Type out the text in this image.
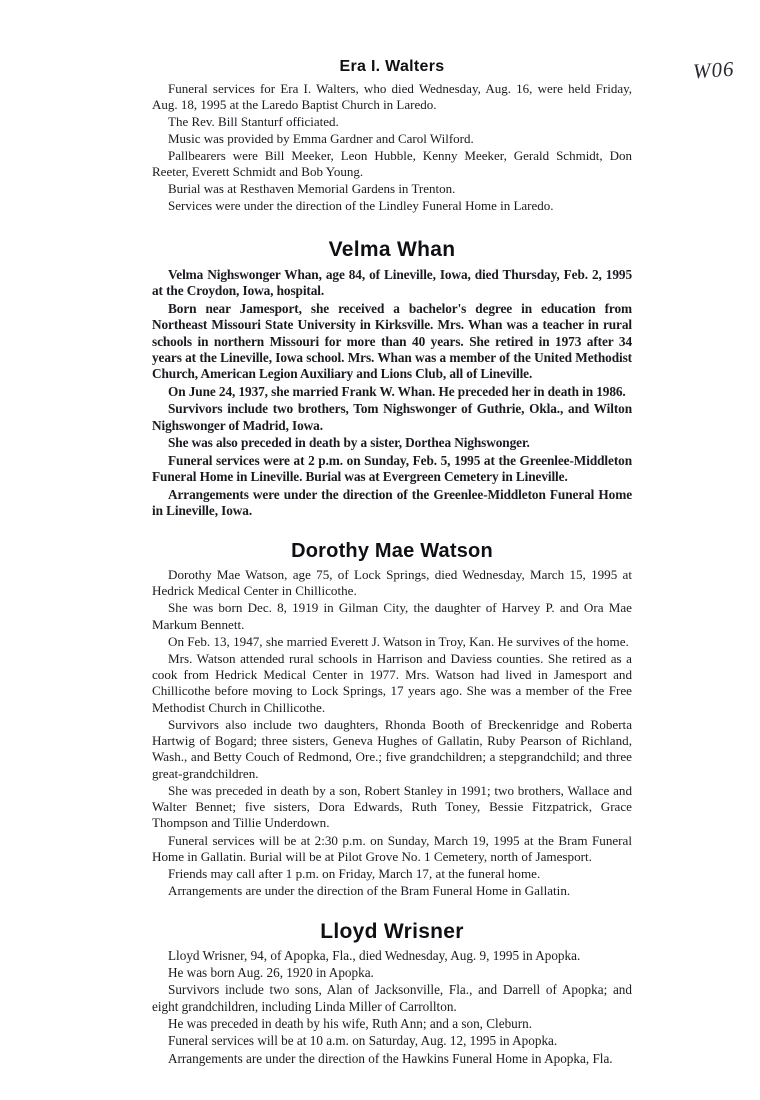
W06
Era I. Walters

Funeral services for Era I. Walters, who died Wednesday, Aug. 16, were held Friday, Aug. 18, 1995 at the Laredo Baptist Church in Laredo.

The Rev. Bill Stanturf officiated.

Music was provided by Emma Gardner and Carol Wilford.

Pallbearers were Bill Meeker, Leon Hubble, Kenny Meeker, Gerald Schmidt, Don Reeter, Everett Schmidt and Bob Young.

Burial was at Resthaven Memorial Gardens in Trenton.

Services were under the direction of the Lindley Funeral Home in Laredo.

Velma Whan

Velma Nighswonger Whan, age 84, of Lineville, Iowa, died Thursday, Feb. 2, 1995 at the Croydon, Iowa, hospital.

Born near Jamesport, she received a bachelor's degree in education from Northeast Missouri State University in Kirksville. Mrs. Whan was a teacher in rural schools in northern Missouri for more than 40 years. She retired in 1973 after 34 years at the Lineville, Iowa school. Mrs. Whan was a member of the United Methodist Church, American Legion Auxiliary and Lions Club, all of Lineville.

On June 24, 1937, she married Frank W. Whan. He preceded her in death in 1986.

Survivors include two brothers, Tom Nighswonger of Guthrie, Okla., and Wilton Nighswonger of Madrid, Iowa.

She was also preceded in death by a sister, Dorthea Nighswonger.

Funeral services were at 2 p.m. on Sunday, Feb. 5, 1995 at the Greenlee-Middleton Funeral Home in Lineville. Burial was at Evergreen Cemetery in Lineville.

Arrangements were under the direction of the Greenlee-Middleton Funeral Home in Lineville, Iowa.

Dorothy Mae Watson

Dorothy Mae Watson, age 75, of Lock Springs, died Wednesday, March 15, 1995 at Hedrick Medical Center in Chillicothe.

She was born Dec. 8, 1919 in Gilman City, the daughter of Harvey P. and Ora Mae Markum Bennett.

On Feb. 13, 1947, she married Everett J. Watson in Troy, Kan. He survives of the home.

Mrs. Watson attended rural schools in Harrison and Daviess counties. She retired as a cook from Hedrick Medical Center in 1977. Mrs. Watson had lived in Jamesport and Chillicothe before moving to Lock Springs, 17 years ago. She was a member of the Free Methodist Church in Chillicothe.

Survivors also include two daughters, Rhonda Booth of Breckenridge and Roberta Hartwig of Bogard; three sisters, Geneva Hughes of Gallatin, Ruby Pearson of Richland, Wash., and Betty Couch of Redmond, Ore.; five grandchildren; a stepgrandchild; and three great-grandchildren.

She was preceded in death by a son, Robert Stanley in 1991; two brothers, Wallace and Walter Bennet; five sisters, Dora Edwards, Ruth Toney, Bessie Fitzpatrick, Grace Thompson and Tillie Underdown.

Funeral services will be at 2:30 p.m. on Sunday, March 19, 1995 at the Bram Funeral Home in Gallatin. Burial will be at Pilot Grove No. 1 Cemetery, north of Jamesport.

Friends may call after 1 p.m. on Friday, March 17, at the funeral home.

Arrangements are under the direction of the Bram Funeral Home in Gallatin.

Lloyd Wrisner

Lloyd Wrisner, 94, of Apopka, Fla., died Wednesday, Aug. 9, 1995 in Apopka.

He was born Aug. 26, 1920 in Apopka.

Survivors include two sons, Alan of Jacksonville, Fla., and Darrell of Apopka; and eight grandchildren, including Linda Miller of Carrollton.

He was preceded in death by his wife, Ruth Ann; and a son, Cleburn.

Funeral services will be at 10 a.m. on Saturday, Aug. 12, 1995 in Apopka.

Arrangements are under the direction of the Hawkins Funeral Home in Apopka, Fla.
